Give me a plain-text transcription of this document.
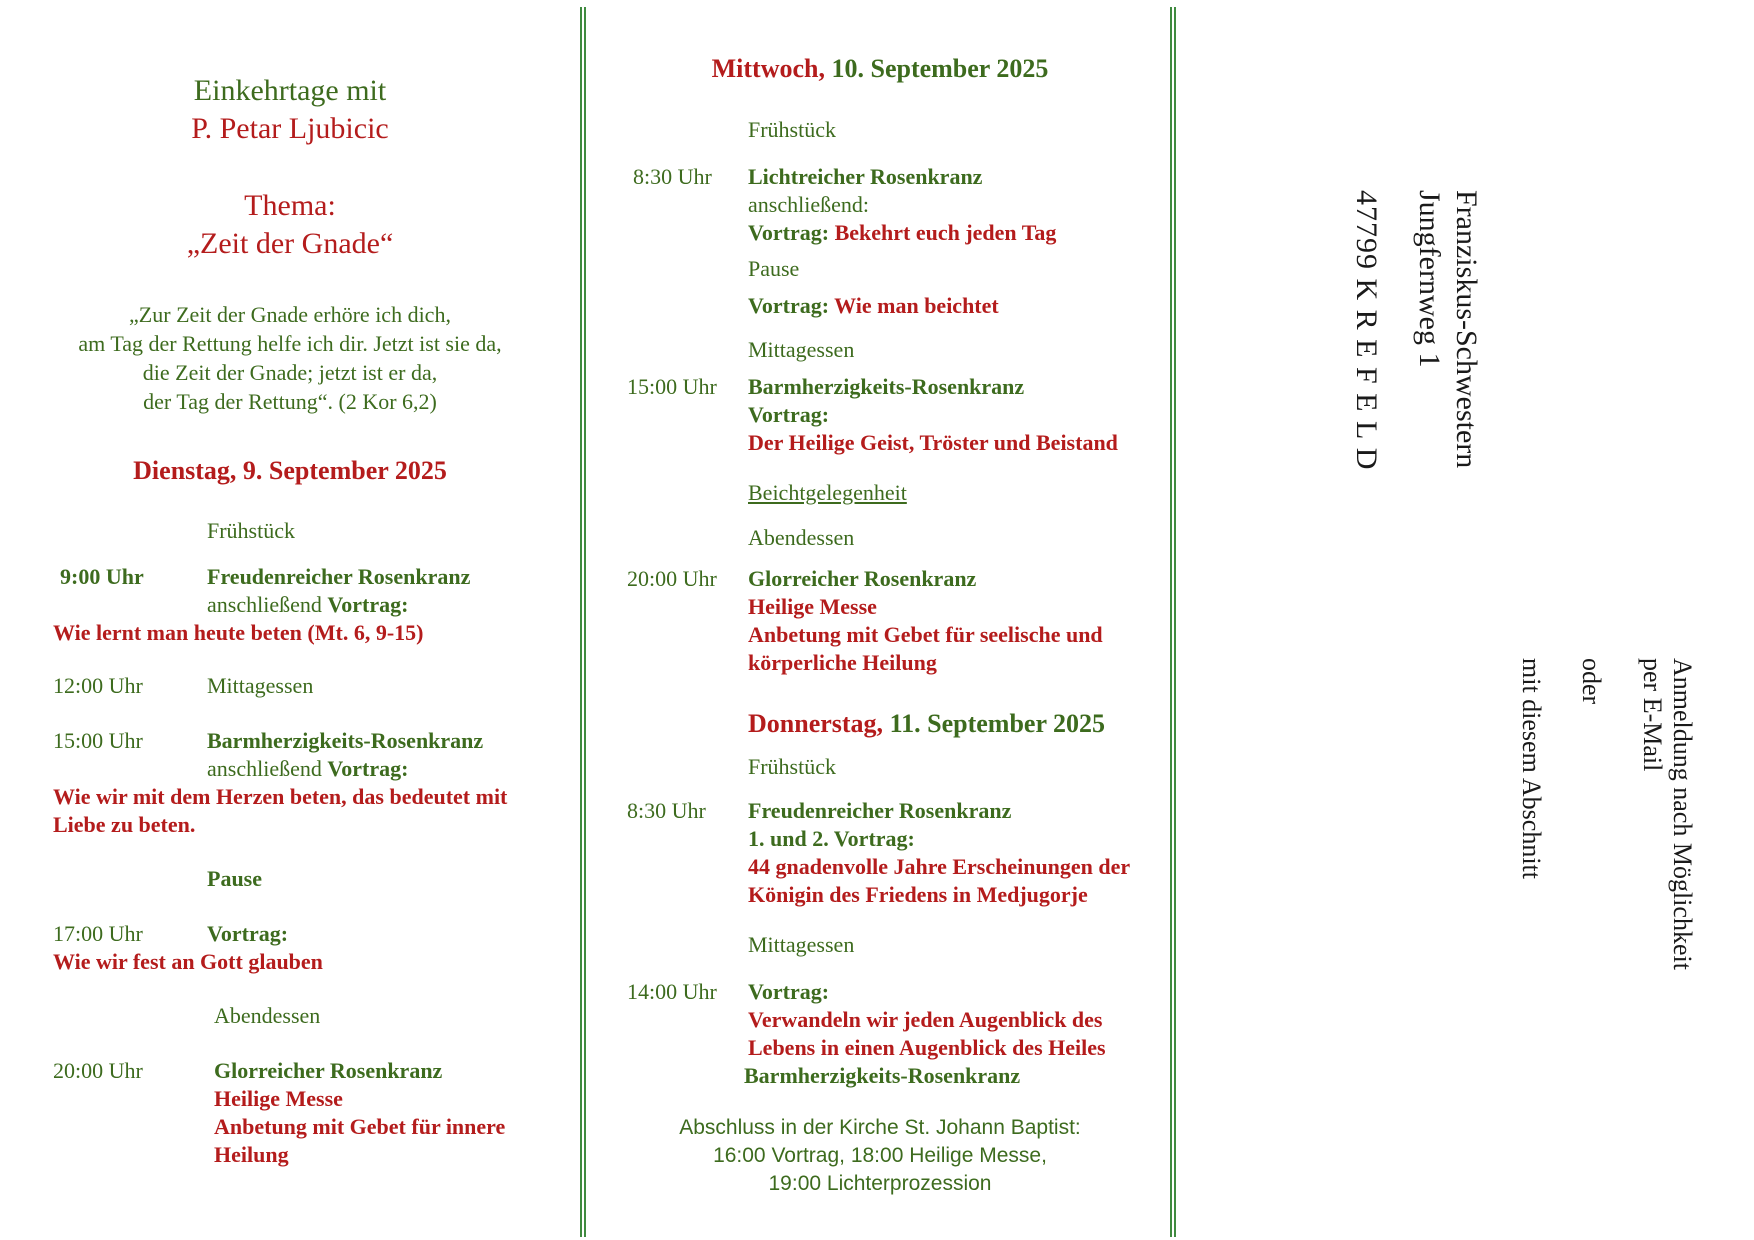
Einkehrtage mit
P. Petar Ljubicic
Thema:
„Zeit der Gnade“
„Zur Zeit der Gnade erhöre ich dich,
am Tag der Rettung helfe ich dir. Jetzt ist sie da,
die Zeit der Gnade; jetzt ist er da,
der Tag der Rettung“. (2 Kor 6,2)
Dienstag, 9. September 2025
Frühstück
9:00 Uhr	Freudenreicher Rosenkranz
anschließend Vortrag:
Wie lernt man heute beten (Mt. 6, 9-15)
12:00 Uhr	Mittagessen
15:00 Uhr	Barmherzigkeits-Rosenkranz
anschließend Vortrag:
Wie wir mit dem Herzen beten, das bedeutet mit
Liebe zu beten.
Pause
17:00 Uhr	Vortrag:
Wie wir fest an Gott glauben
Abendessen
20:00 Uhr	Glorreicher Rosenkranz
Heilige Messe
Anbetung mit Gebet für innere
Heilung
Mittwoch, 10. September 2025
Frühstück
8:30 Uhr Lichtreicher Rosenkranz
anschließend:
Vortrag: Bekehrt euch jeden Tag
Pause
Vortrag: Wie man beichtet
Mittagessen
15:00 Uhr Barmherzigkeits-Rosenkranz
Vortrag:
Der Heilige Geist, Tröster und Beistand
Beichtgelegenheit
Abendessen
20:00 Uhr Glorreicher Rosenkranz
Heilige Messe
Anbetung mit Gebet für seelische und
körperliche Heilung
Donnerstag, 11. September 2025
Frühstück
8:30 Uhr Freudenreicher Rosenkranz
1. und 2. Vortrag:
44 gnadenvolle Jahre Erscheinungen der
Königin des Friedens in Medjugorje
Mittagessen
14:00 Uhr Vortrag:
Verwandeln wir jeden Augenblick des
Lebens in einen Augenblick des Heiles
Barmherzigkeits-Rosenkranz
Abschluss in der Kirche St. Johann Baptist:
16:00 Vortrag, 18:00 Heilige Messe,
19:00 Lichterprozession
Franziskus-Schwestern
Jungfernweg 1
47799 K R E F E L D
Anmeldung nach Möglichkeit
per E-Mail
oder
mit diesem Abschnitt
